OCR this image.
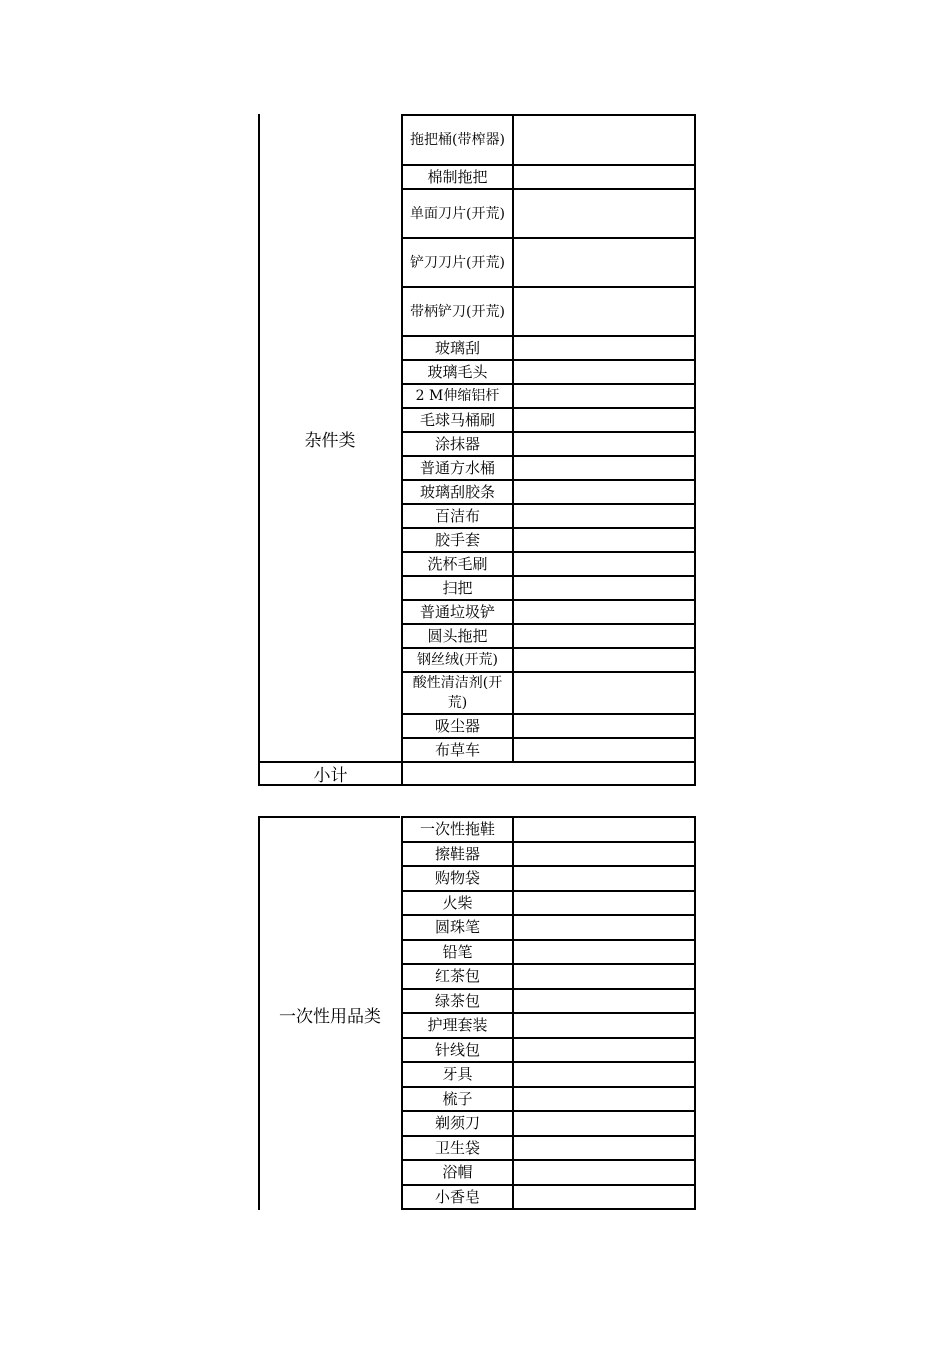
杂件类
拖把桶(带榨器)
棉制拖把
单面刀片(开荒)
铲刀刀片(开荒)
带柄铲刀(开荒)
玻璃刮
玻璃毛头
2 M伸缩铝杆
毛球马桶刷
涂抹器
普通方水桶
玻璃刮胶条
百洁布
胶手套
洗杯毛刷
扫把
普通垃圾铲
圆头拖把
钢丝绒(开荒)
酸性清洁剂(开荒)
吸尘器
布草车
小计
一次性用品类
一次性拖鞋
擦鞋器
购物袋
火柴
圆珠笔
铅笔
红茶包
绿茶包
护理套装
针线包
牙具
梳子
剃须刀
卫生袋
浴帽
小香皂
